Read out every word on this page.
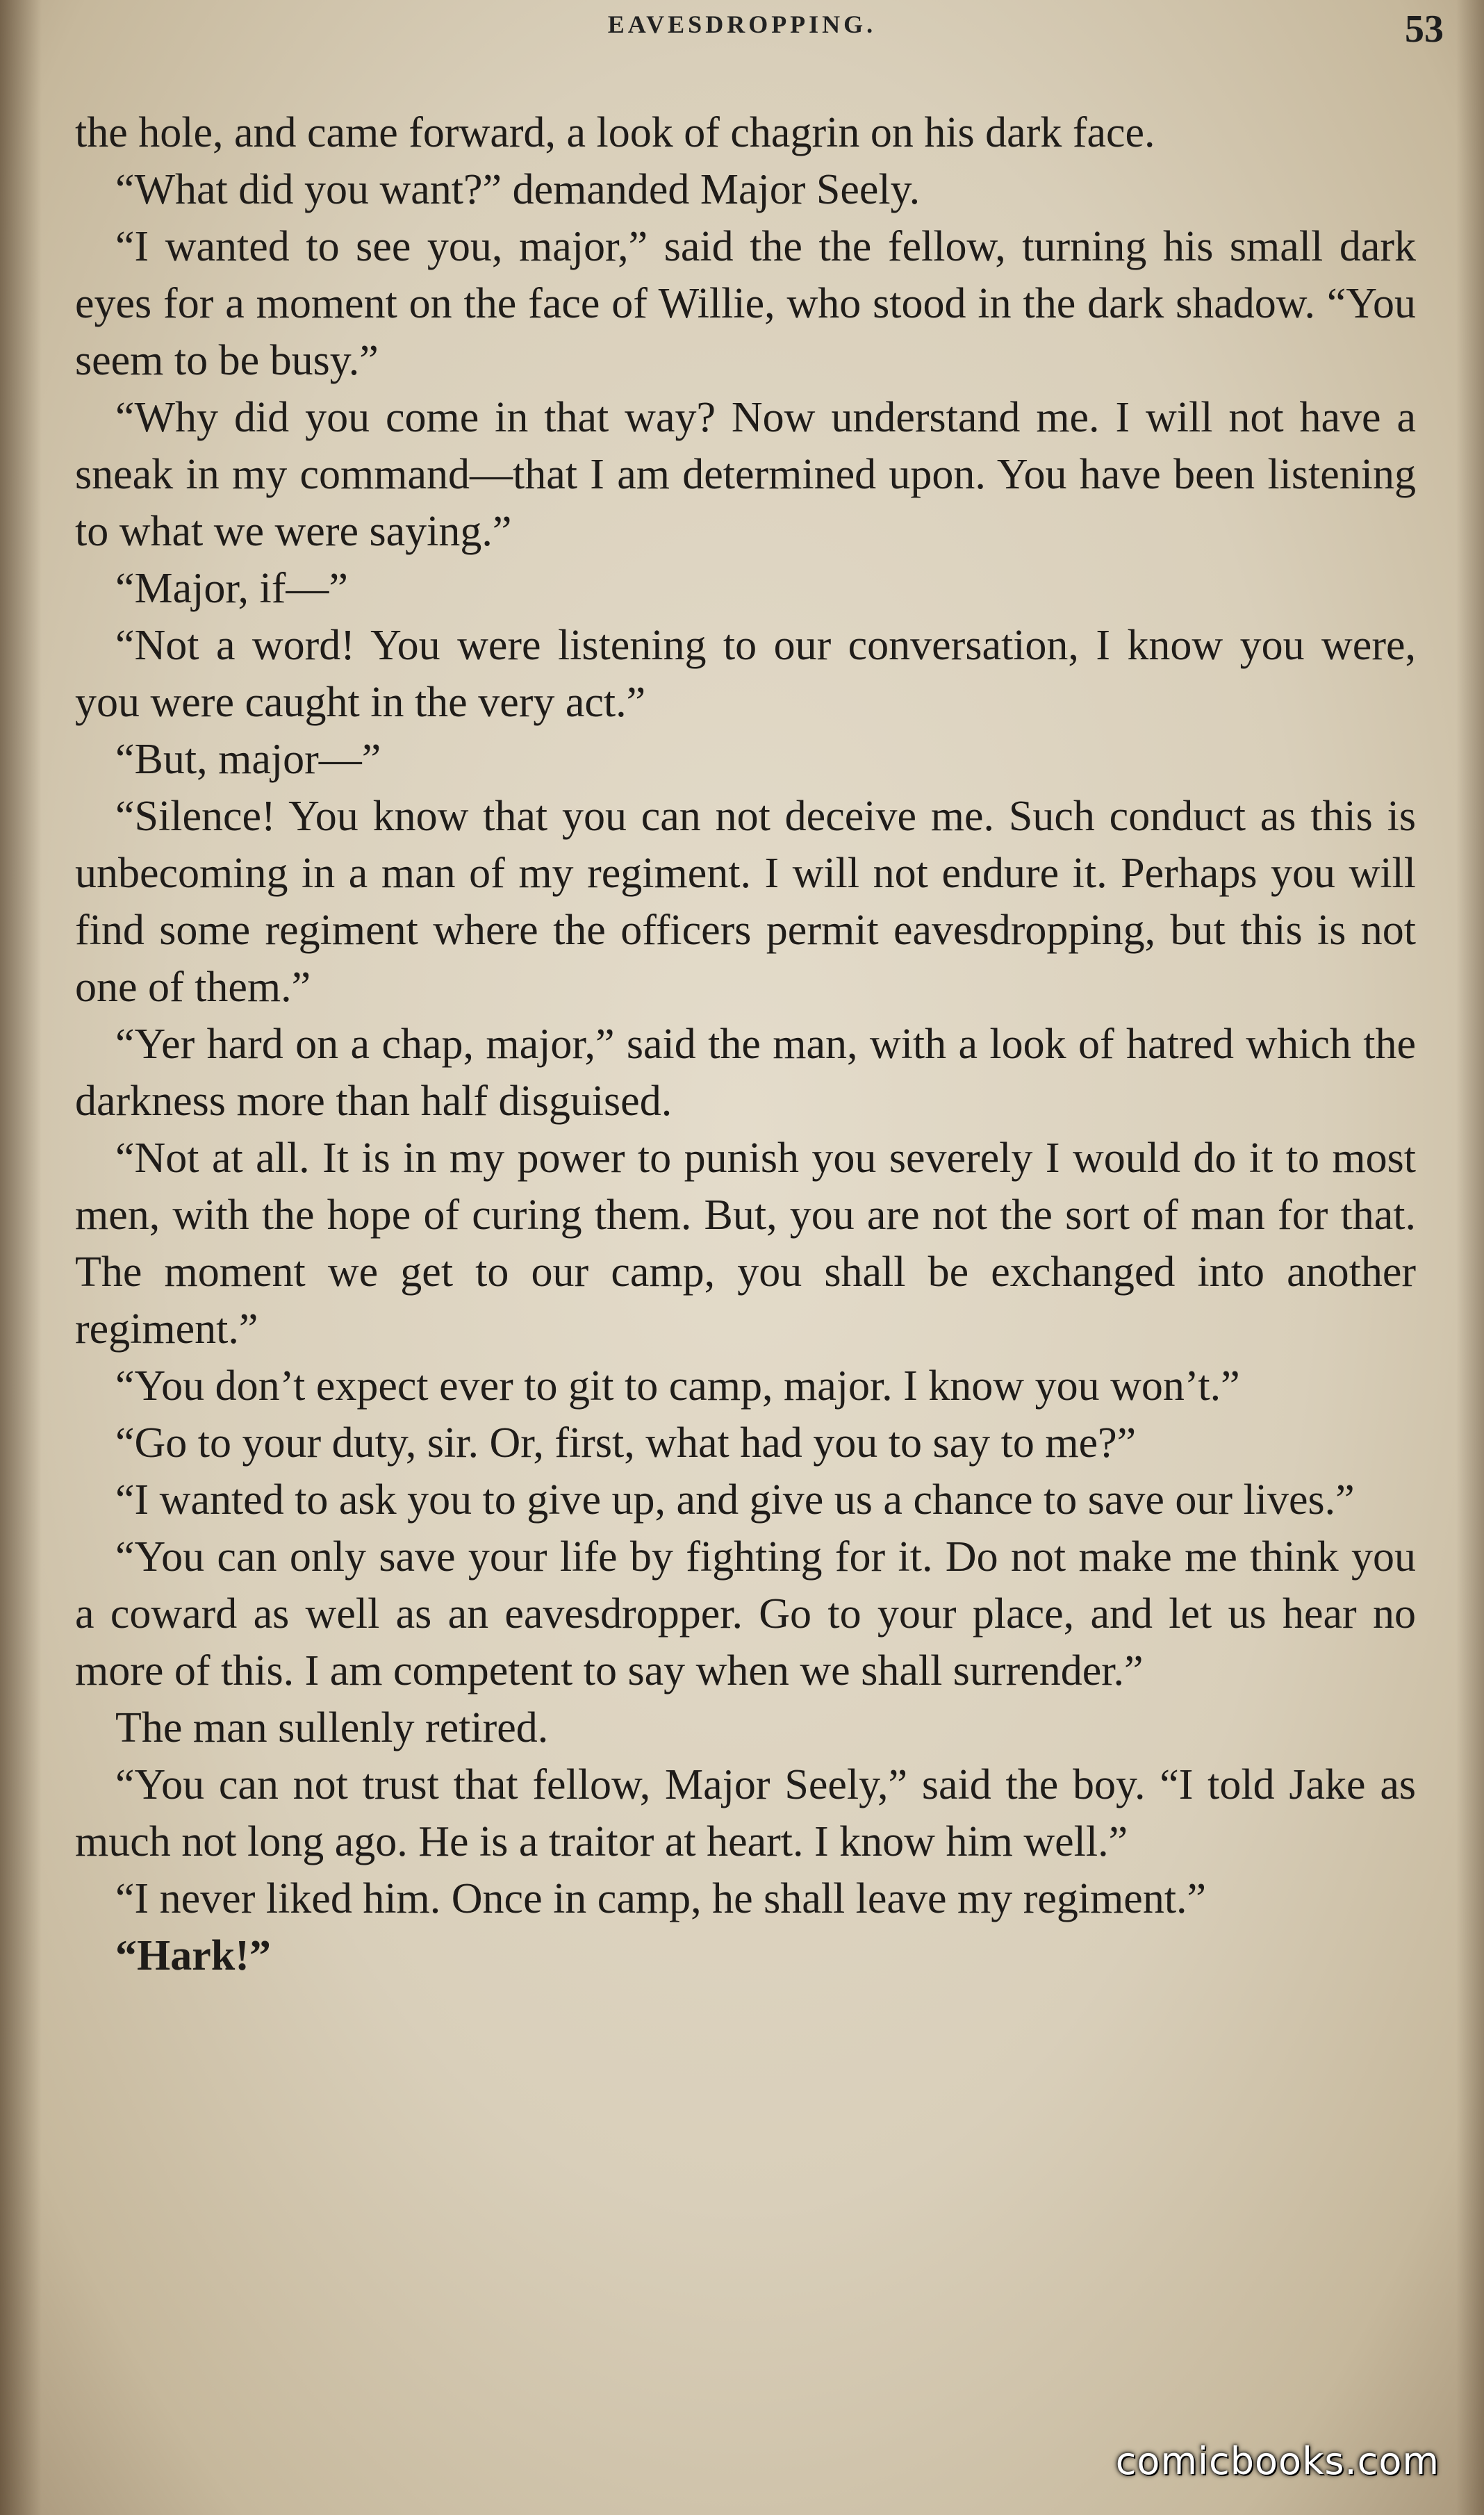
EAVESDROPPING.	53

the hole, and came forward, a look of chagrin on his dark face.

“What did you want?” demanded Major Seely.

“I wanted to see you, major,” said the the fellow, turning his small dark eyes for a moment on the face of Willie, who stood in the dark shadow. “You seem to be busy.”

“Why did you come in that way? Now understand me. I will not have a sneak in my command—that I am determined upon. You have been listening to what we were saying.”

“Major, if—”

“Not a word! You were listening to our conversation, I know you were, you were caught in the very act.”

“But, major—”

“Silence! You know that you can not deceive me. Such conduct as this is unbecoming in a man of my regiment. I will not endure it. Perhaps you will find some regiment where the officers permit eavesdropping, but this is not one of them.”

“Yer hard on a chap, major,” said the man, with a look of hatred which the darkness more than half disguised.

“Not at all. It is in my power to punish you severely I would do it to most men, with the hope of curing them. But, you are not the sort of man for that. The moment we get to our camp, you shall be exchanged into another regiment.”

“You don’t expect ever to git to camp, major. I know you won’t.”

“Go to your duty, sir. Or, first, what had you to say to me?”

“I wanted to ask you to give up, and give us a chance to save our lives.”

“You can only save your life by fighting for it. Do not make me think you a coward as well as an eavesdropper. Go to your place, and let us hear no more of this. I am competent to say when we shall surrender.”

The man sullenly retired.

“You can not trust that fellow, Major Seely,” said the boy. “I told Jake as much not long ago. He is a traitor at heart. I know him well.”

“I never liked him. Once in camp, he shall leave my regiment.”

“Hark!”

comicbooks.com
